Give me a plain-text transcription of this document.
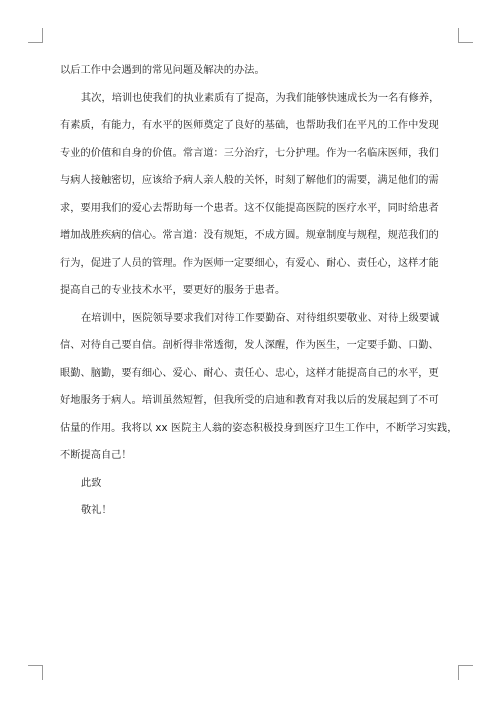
以后工作中会遇到的常见问题及解决的办法。
其次，培训也使我们的执业素质有了提高，为我们能够快速成长为一名有修养，
有素质，有能力，有水平的医师奠定了良好的基础，也帮助我们在平凡的工作中发现
专业的价值和自身的价值。常言道：三分治疗，七分护理。作为一名临床医师，我们
与病人接触密切，应该给予病人亲人般的关怀，时刻了解他们的需要，满足他们的需
求，要用我们的爱心去帮助每一个患者。这不仅能提高医院的医疗水平，同时给患者
增加战胜疾病的信心。常言道：没有规矩，不成方圆。规章制度与规程，规范我们的
行为，促进了人员的管理。作为医师一定要细心，有爱心、耐心、责任心，这样才能
提高自己的专业技术水平，要更好的服务于患者。
在培训中，医院领导要求我们对待工作要勤奋、对待组织要敬业、对待上级要诚
信、对待自己要自信。剖析得非常透彻，发人深醒，作为医生，一定要手勤、口勤、
眼勤、脑勤，要有细心、爱心、耐心、责任心、忠心，这样才能提高自己的水平，更
好地服务于病人。培训虽然短暂，但我所受的启迪和教育对我以后的发展起到了不可
估量的作用。我将以 xx 医院主人翁的姿态积极投身到医疗卫生工作中，不断学习实践，
不断提高自己！
此致
敬礼！
